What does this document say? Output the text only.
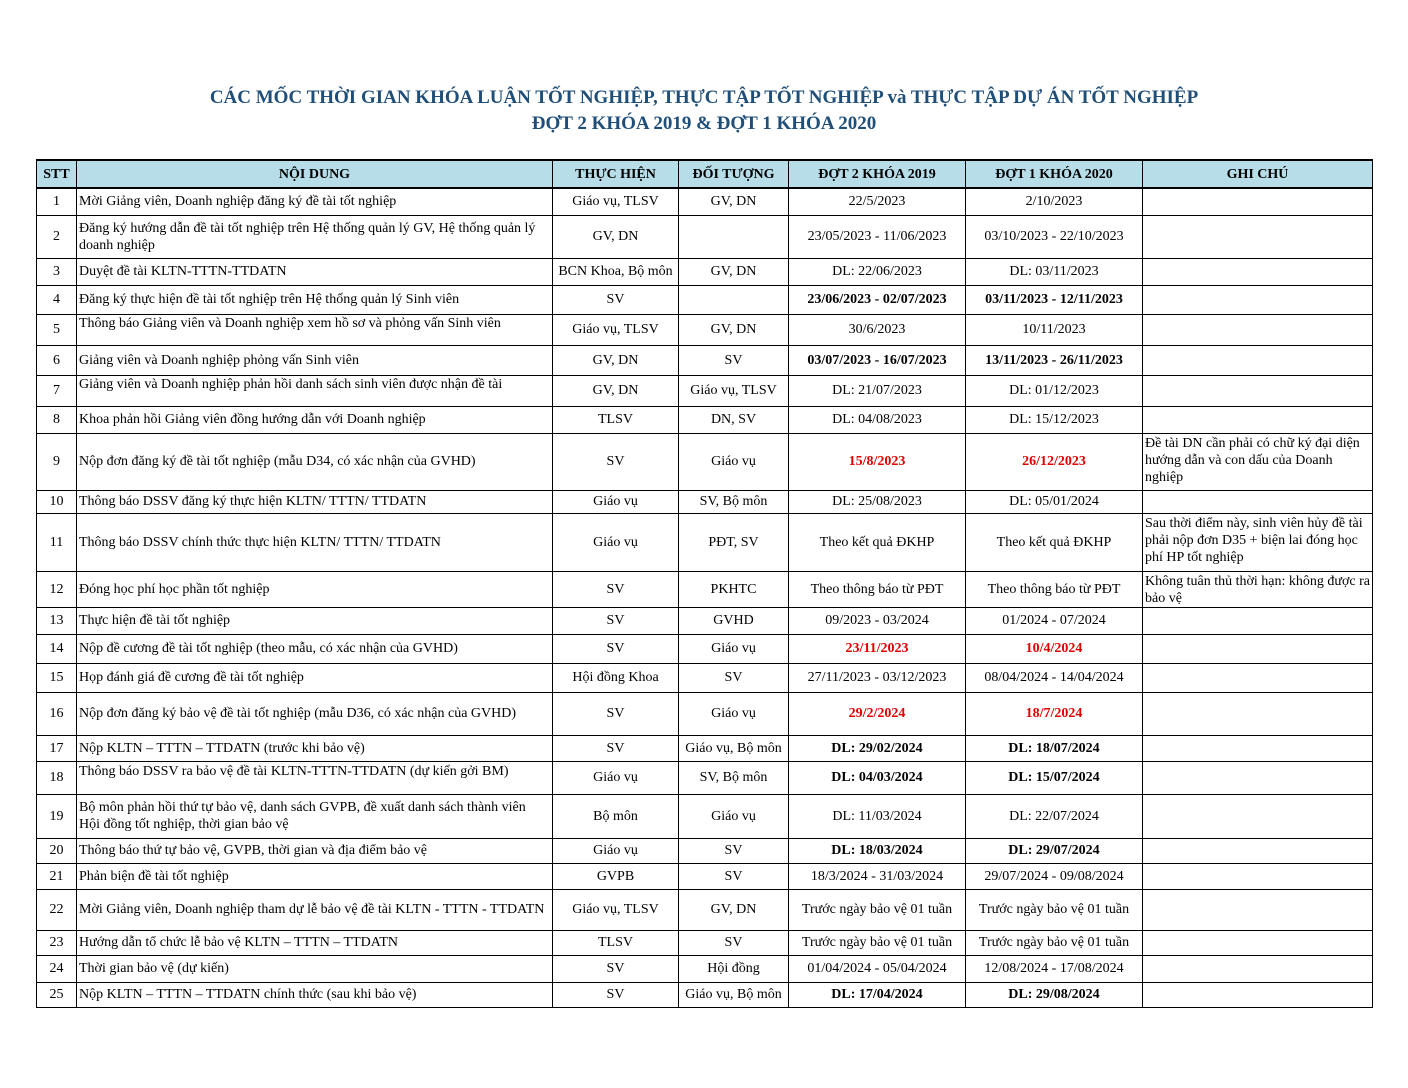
CÁC MỐC THỜI GIAN KHÓA LUẬN TỐT NGHIỆP, THỰC TẬP TỐT NGHIỆP và THỰC TẬP DỰ ÁN TỐT NGHIỆP
ĐỢT 2 KHÓA 2019 & ĐỢT 1 KHÓA 2020
STT	NỘI DUNG	THỰC HIỆN	ĐỐI TƯỢNG	ĐỢT 2 KHÓA 2019	ĐỢT 1 KHÓA 2020	GHI CHÚ
1	Mời Giảng viên, Doanh nghiệp đăng ký đề tài tốt nghiệp	Giáo vụ, TLSV	GV, DN	22/5/2023	2/10/2023	
2	Đăng ký hướng dẫn đề tài tốt nghiệp trên Hệ thống quản lý GV, Hệ thống quản lý doanh nghiệp	GV, DN		23/05/2023 - 11/06/2023	03/10/2023 - 22/10/2023	
3	Duyệt đề tài KLTN-TTTN-TTDATN	BCN Khoa, Bộ môn	GV, DN	DL: 22/06/2023	DL: 03/11/2023	
4	Đăng ký thực hiện đề tài tốt nghiệp trên Hệ thống quản lý Sinh viên	SV		23/06/2023 - 02/07/2023	03/11/2023 - 12/11/2023	
5	Thông báo Giảng viên và Doanh nghiệp xem hồ sơ và phỏng vấn Sinh viên	Giáo vụ, TLSV	GV, DN	30/6/2023	10/11/2023	
6	Giảng viên và Doanh nghiệp phỏng vấn Sinh viên	GV, DN	SV	03/07/2023 - 16/07/2023	13/11/2023 - 26/11/2023	
7	Giảng viên và Doanh nghiệp phản hồi danh sách sinh viên được nhận đề tài	GV, DN	Giáo vụ, TLSV	DL: 21/07/2023	DL: 01/12/2023	
8	Khoa phản hồi Giảng viên đồng hướng dẫn với Doanh nghiệp	TLSV	DN, SV	DL: 04/08/2023	DL: 15/12/2023	
9	Nộp đơn đăng ký đề tài tốt nghiệp (mẫu D34, có xác nhận của GVHD)	SV	Giáo vụ	15/8/2023	26/12/2023	Đề tài DN cần phải có chữ ký đại diện hướng dẫn và con dấu của Doanh nghiệp
10	Thông báo DSSV đăng ký thực hiện KLTN/ TTTN/ TTDATN	Giáo vụ	SV, Bộ môn	DL: 25/08/2023	DL: 05/01/2024	
11	Thông báo DSSV chính thức thực hiện KLTN/ TTTN/ TTDATN	Giáo vụ	PĐT, SV	Theo kết quả ĐKHP	Theo kết quả ĐKHP	Sau thời điểm này, sinh viên hủy đề tài phải nộp đơn D35 + biện lai đóng học phí HP tốt nghiệp
12	Đóng học phí học phần tốt nghiệp	SV	PKHTC	Theo thông báo từ PĐT	Theo thông báo từ PĐT	Không tuân thủ thời hạn: không được ra bảo vệ
13	Thực hiện đề tài tốt nghiệp	SV	GVHD	09/2023 - 03/2024	01/2024 - 07/2024	
14	Nộp đề cương đề tài tốt nghiệp (theo mẫu, có xác nhận của GVHD)	SV	Giáo vụ	23/11/2023	10/4/2024	
15	Họp đánh giá đề cương đề tài tốt nghiệp	Hội đồng Khoa	SV	27/11/2023 - 03/12/2023	08/04/2024 - 14/04/2024	
16	Nộp đơn đăng ký bảo vệ đề tài tốt nghiệp (mẫu D36, có xác nhận của GVHD)	SV	Giáo vụ	29/2/2024	18/7/2024	
17	Nộp KLTN – TTTN – TTDATN (trước khi bảo vệ)	SV	Giáo vụ, Bộ môn	DL: 29/02/2024	DL: 18/07/2024	
18	Thông báo DSSV ra bảo vệ đề tài KLTN-TTTN-TTDATN (dự kiến gởi BM)	Giáo vụ	SV, Bộ môn	DL: 04/03/2024	DL: 15/07/2024	
19	Bộ môn phản hồi thứ tự bảo vệ, danh sách GVPB, đề xuất danh sách thành viên Hội đồng tốt nghiệp, thời gian bảo vệ	Bộ môn	Giáo vụ	DL: 11/03/2024	DL: 22/07/2024	
20	Thông báo thứ tự bảo vệ, GVPB, thời gian và địa điểm bảo vệ	Giáo vụ	SV	DL: 18/03/2024	DL: 29/07/2024	
21	Phản biện đề tài tốt nghiệp	GVPB	SV	18/3/2024 - 31/03/2024	29/07/2024 - 09/08/2024	
22	Mời Giảng viên, Doanh nghiệp tham dự lễ bảo vệ đề tài KLTN - TTTN - TTDATN	Giáo vụ, TLSV	GV, DN	Trước ngày bảo vệ 01 tuần	Trước ngày bảo vệ 01 tuần	
23	Hướng dẫn tổ chức lễ bảo vệ KLTN – TTTN – TTDATN	TLSV	SV	Trước ngày bảo vệ 01 tuần	Trước ngày bảo vệ 01 tuần	
24	Thời gian bảo vệ (dự kiến)	SV	Hội đồng	01/04/2024 - 05/04/2024	12/08/2024 - 17/08/2024	
25	Nộp KLTN – TTTN – TTDATN chính thức (sau khi bảo vệ)	SV	Giáo vụ, Bộ môn	DL: 17/04/2024	DL: 29/08/2024	
